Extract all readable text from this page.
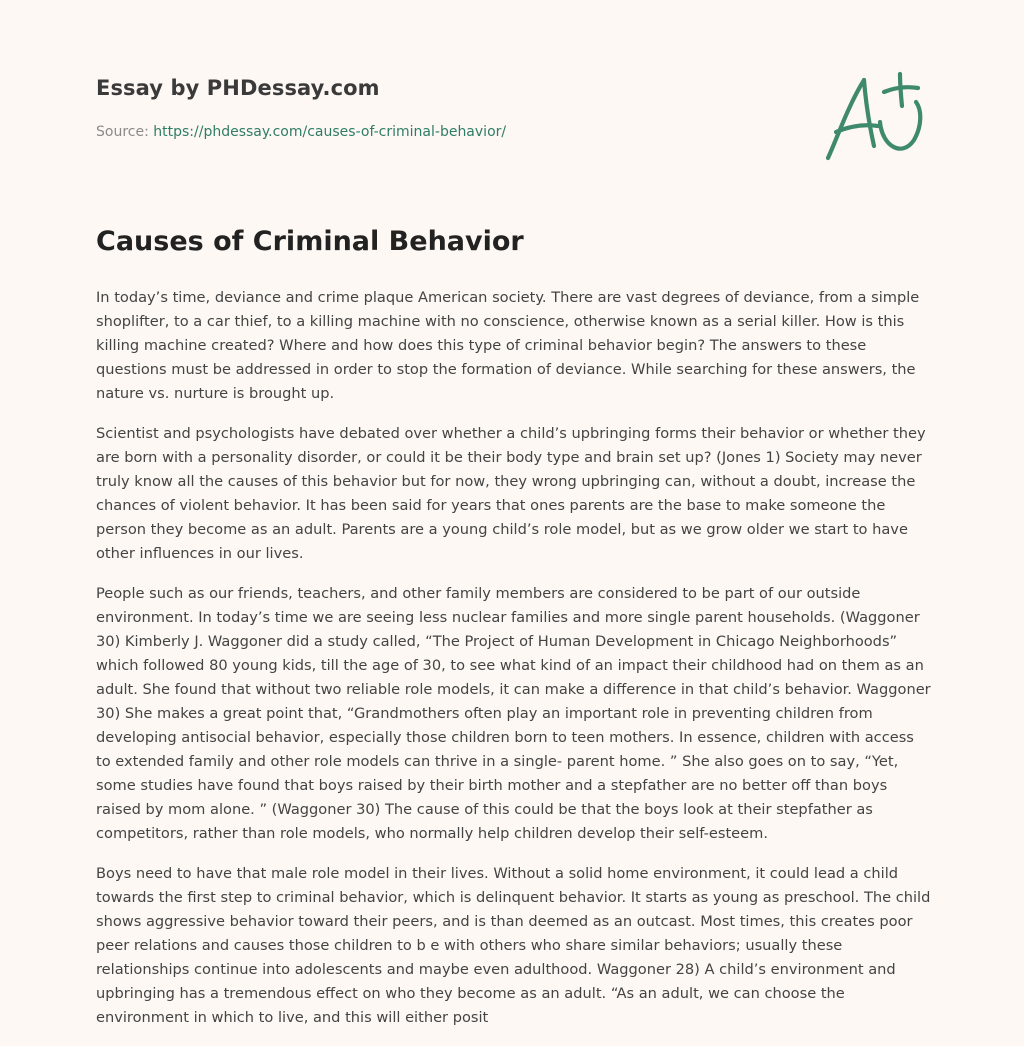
Essay by PHDessay.com
Source: https://phdessay.com/causes-of-criminal-behavior/
Causes of Criminal Behavior

In today’s time, deviance and crime plaque American society. There are vast degrees of deviance, from a simple shoplifter, to a car thief, to a killing machine with no conscience, otherwise known as a serial killer. How is this killing machine created? Where and how does this type of criminal behavior begin? The answers to these questions must be addressed in order to stop the formation of deviance. While searching for these answers, the nature vs. nurture is brought up.

Scientist and psychologists have debated over whether a child’s upbringing forms their behavior or whether they are born with a personality disorder, or could it be their body type and brain set up? (Jones 1) Society may never truly know all the causes of this behavior but for now, they wrong upbringing can, without a doubt, increase the chances of violent behavior. It has been said for years that ones parents are the base to make someone the person they become as an adult. Parents are a young child’s role model, but as we grow older we start to have other influences in our lives.

People such as our friends, teachers, and other family members are considered to be part of our outside environment. In today’s time we are seeing less nuclear families and more single parent households. (Waggoner 30) Kimberly J. Waggoner did a study called, “The Project of Human Development in Chicago Neighborhoods” which followed 80 young kids, till the age of 30, to see what kind of an impact their childhood had on them as an adult. She found that without two reliable role models, it can make a difference in that child’s behavior. Waggoner 30) She makes a great point that, “Grandmothers often play an important role in preventing children from developing antisocial behavior, especially those children born to teen mothers. In essence, children with access to extended family and other role models can thrive in a single- parent home. ” She also goes on to say, “Yet, some studies have found that boys raised by their birth mother and a stepfather are no better off than boys raised by mom alone. ” (Waggoner 30) The cause of this could be that the boys look at their stepfather as competitors, rather than role models, who normally help children develop their self-esteem.

Boys need to have that male role model in their lives. Without a solid home environment, it could lead a child towards the first step to criminal behavior, which is delinquent behavior. It starts as young as preschool. The child shows aggressive behavior toward their peers, and is than deemed as an outcast. Most times, this creates poor peer relations and causes those children to b e with others who share similar behaviors; usually these relationships continue into adolescents and maybe even adulthood. Waggoner 28) A child’s environment and upbringing has a tremendous effect on who they become as an adult. “As an adult, we can choose the environment in which to live, and this will either posit
